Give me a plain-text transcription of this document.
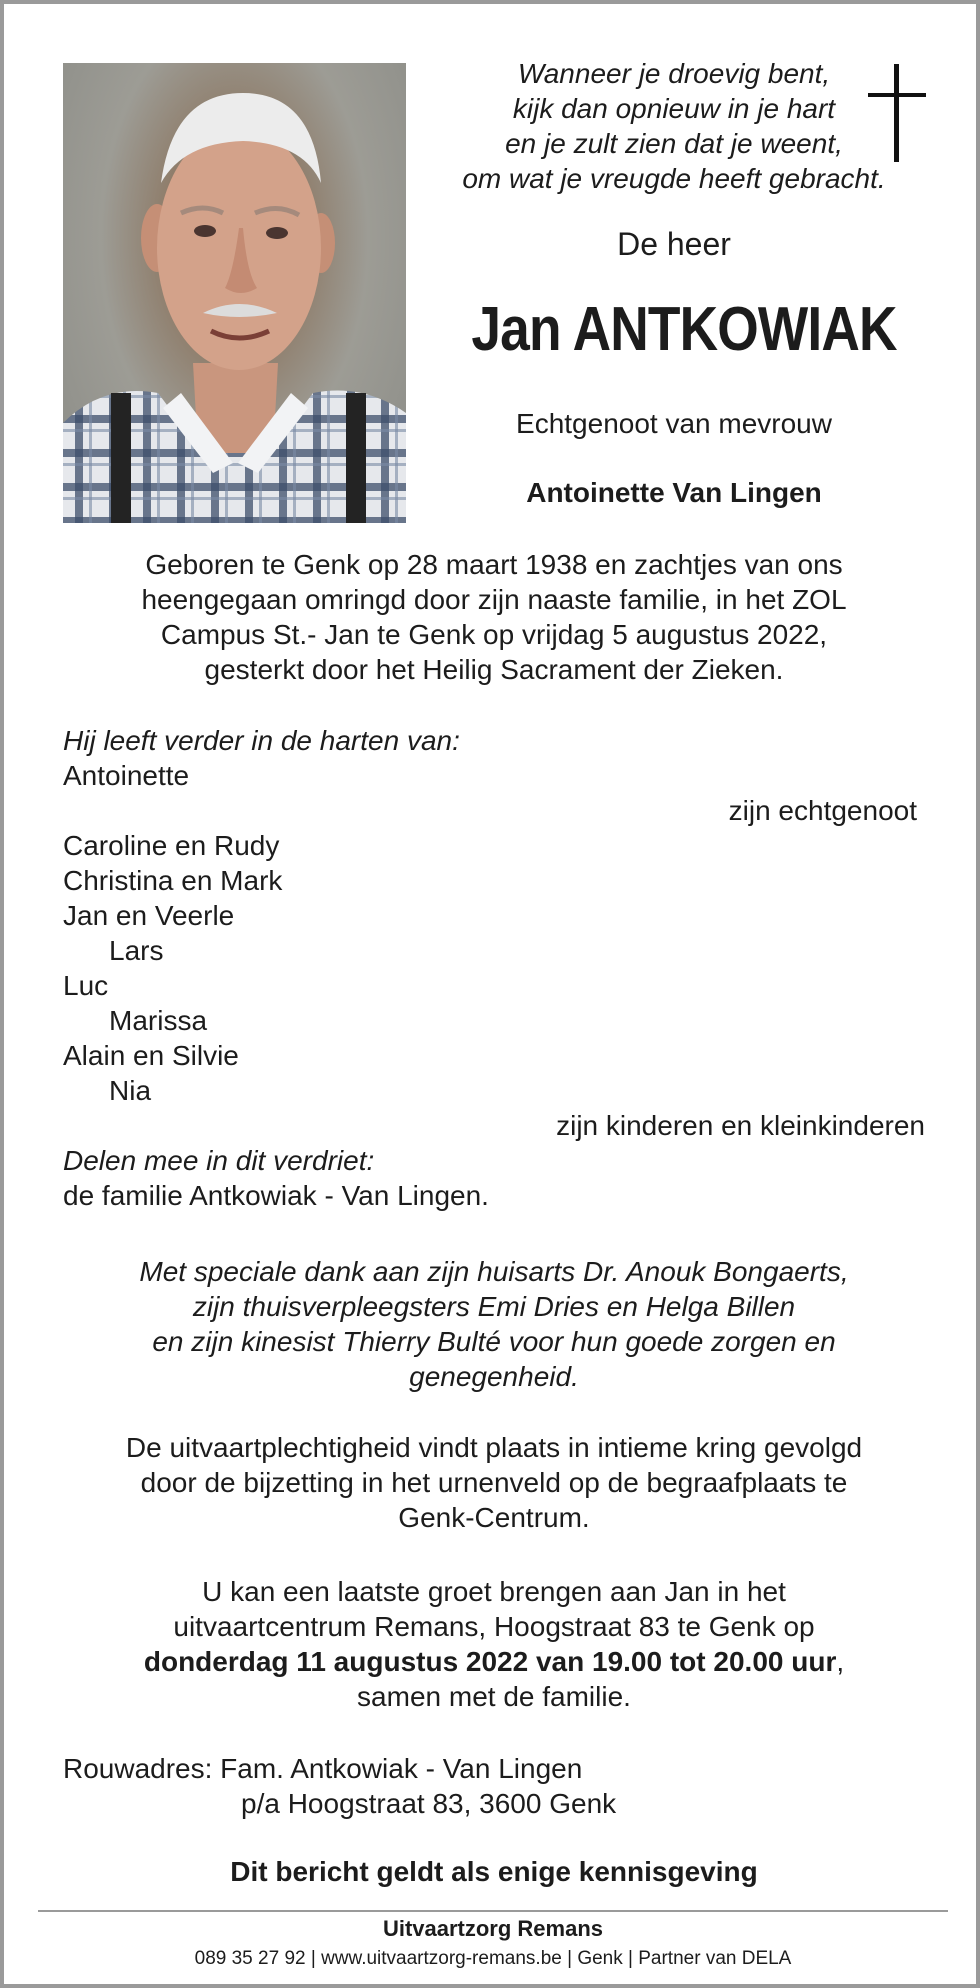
Wanneer je droevig bent,
kijk dan opnieuw in je hart
en je zult zien dat je weent,
om wat je vreugde heeft gebracht.
De heer
Jan ANTKOWIAK
Echtgenoot van mevrouw
Antoinette Van Lingen
Geboren te Genk op 28 maart 1938 en zachtjes van ons
heengegaan omringd door zijn naaste familie, in het ZOL
Campus St.- Jan te Genk op vrijdag 5 augustus 2022,
gesterkt door het Heilig Sacrament der Zieken.
Hij leeft verder in de harten van:
Antoinette
zijn echtgenoot
Caroline en Rudy
Christina en Mark
Jan en Veerle
Lars
Luc
Marissa
Alain en Silvie
Nia
zijn kinderen en kleinkinderen
Delen mee in dit verdriet:
de familie Antkowiak - Van Lingen.
Met speciale dank aan zijn huisarts Dr. Anouk Bongaerts,
zijn thuisverpleegsters Emi Dries en Helga Billen
en zijn kinesist Thierry Bulté voor hun goede zorgen en
genegenheid.
De uitvaartplechtigheid vindt plaats in intieme kring gevolgd
door de bijzetting in het urnenveld op de begraafplaats te
Genk-Centrum.
U kan een laatste groet brengen aan Jan in het
uitvaartcentrum Remans, Hoogstraat 83 te Genk op
donderdag 11 augustus 2022 van 19.00 tot 20.00 uur,
samen met de familie.
Rouwadres: Fam. Antkowiak - Van Lingen
p/a Hoogstraat 83, 3600 Genk
Dit bericht geldt als enige kennisgeving
Uitvaartzorg Remans
089 35 27 92 | www.uitvaartzorg-remans.be | Genk | Partner van DELA
